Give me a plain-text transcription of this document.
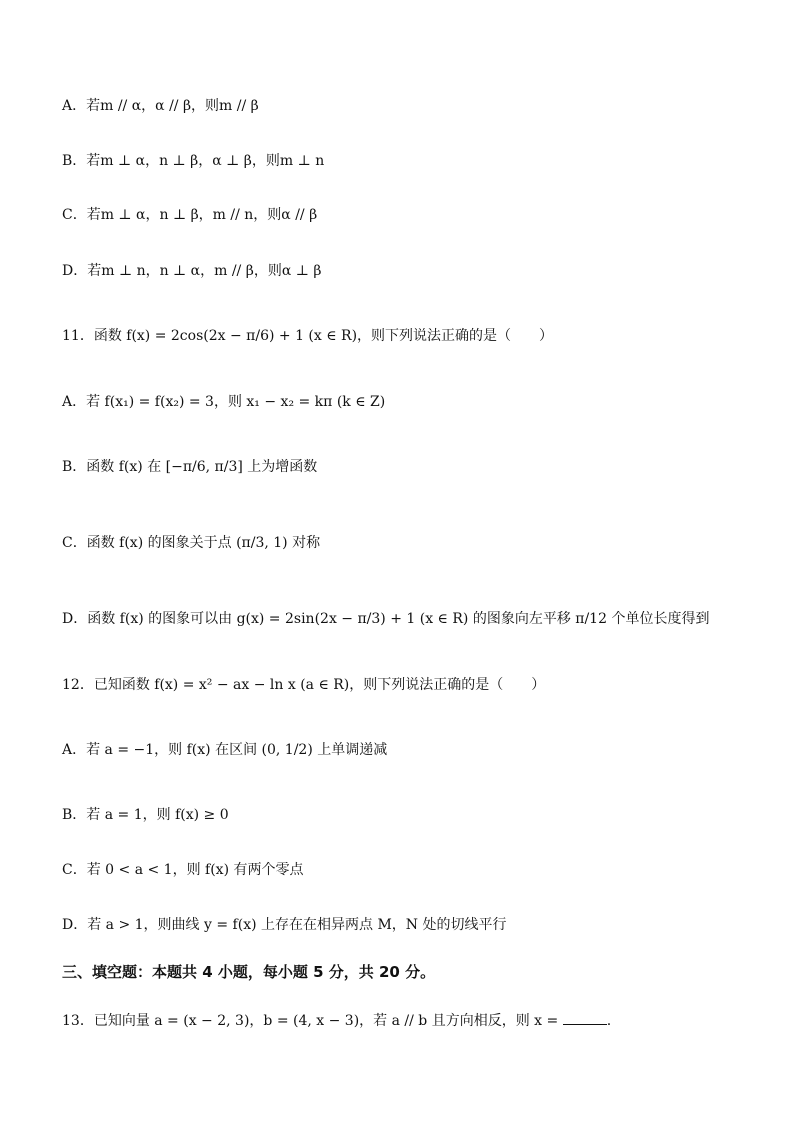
A．若m // α，α // β，则m // β
B．若m ⊥ α，n ⊥ β，α ⊥ β，则m ⊥ n
C．若m ⊥ α，n ⊥ β，m // n，则α // β
D．若m ⊥ n，n ⊥ α，m // β，则α ⊥ β
11．函数 f(x) = 2cos(2x − π/6) + 1 (x ∈ R)，则下列说法正确的是（　　）
A．若 f(x₁) = f(x₂) = 3，则 x₁ − x₂ = kπ (k ∈ Z)
B．函数 f(x) 在 [−π/6, π/3] 上为增函数
C．函数 f(x) 的图象关于点 (π/3, 1) 对称
D．函数 f(x) 的图象可以由 g(x) = 2sin(2x − π/3) + 1 (x ∈ R) 的图象向左平移 π/12 个单位长度得到
12．已知函数 f(x) = x² − ax − ln x (a ∈ R)，则下列说法正确的是（　　）
A．若 a = −1，则 f(x) 在区间 (0, 1/2) 上单调递减
B．若 a = 1，则 f(x) ≥ 0
C．若 0 < a < 1，则 f(x) 有两个零点
D．若 a > 1，则曲线 y = f(x) 上存在在相异两点 M，N 处的切线平行
三、填空题：本题共 4 小题，每小题 5 分，共 20 分。
13．已知向量 a = (x − 2, 3)，b = (4, x − 3)，若 a // b 且方向相反，则 x =	.
